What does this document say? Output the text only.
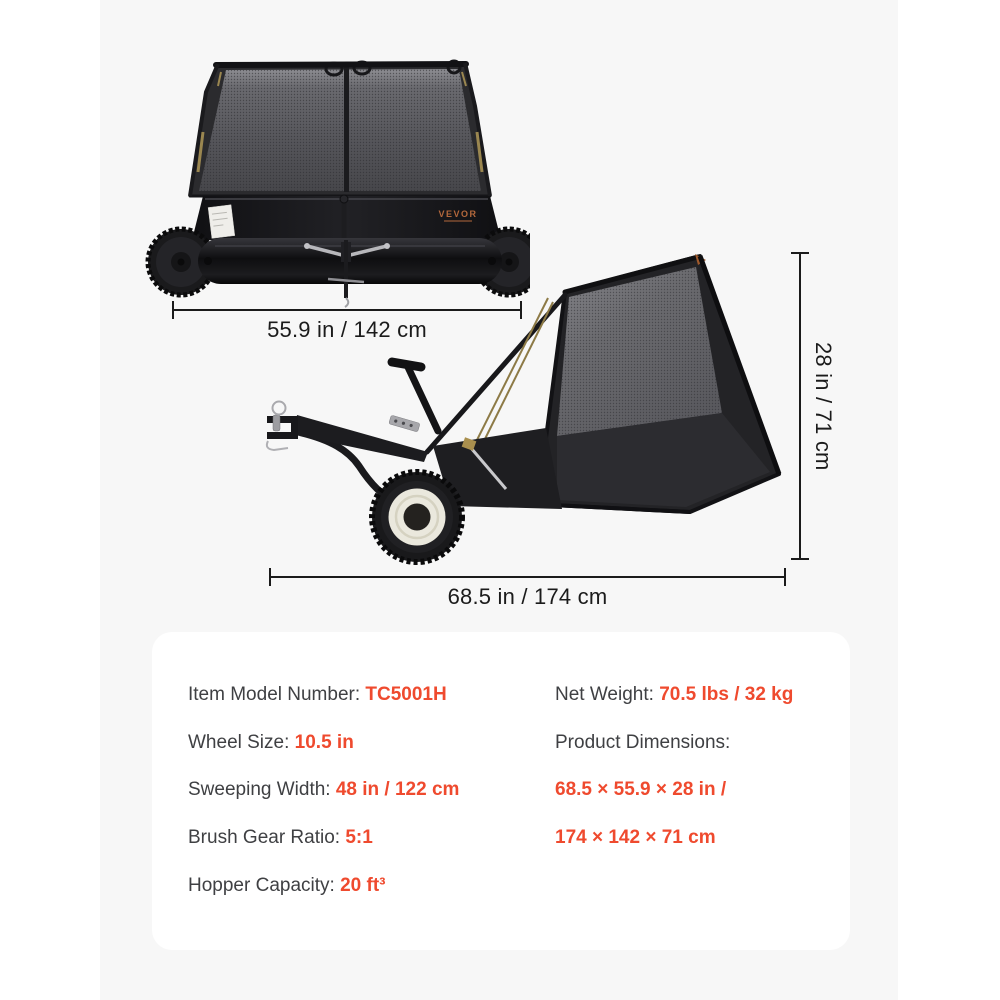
VEVOR
55.9 in / 142 cm
28 in / 71 cm
68.5 in / 174 cm
Item Model Number: TC5001H
Wheel Size: 10.5 in
Sweeping Width: 48 in / 122 cm
Brush Gear Ratio: 5:1
Hopper Capacity: 20 ft³
Net Weight: 70.5 lbs / 32 kg
Product Dimensions:
68.5 × 55.9 × 28 in /
174 × 142 × 71 cm
